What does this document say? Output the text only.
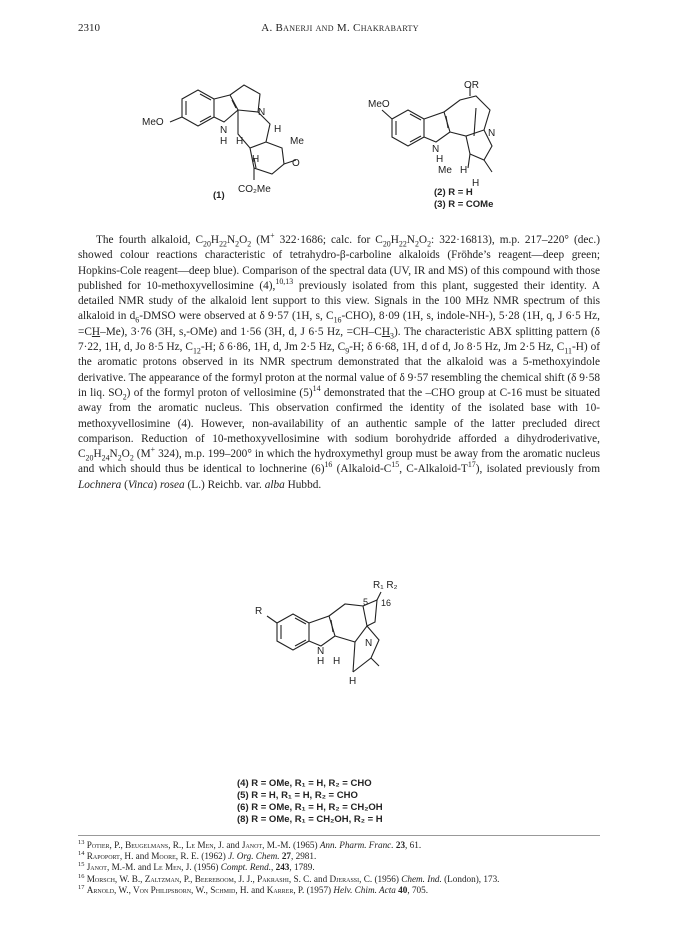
2310	A. Banerji and M. Chakrabarty
MeO
N
H H
N
H
Me
H	O
CO₂Me
(1)
OR
MeO
N
H
N
Me H
H
(2) R = H
(3) R = COMe

The fourth alkaloid, $C_{20}H_{22}N_2O_2$ (M+ 322·1686; calc. for $C_{20}H_{22}N_2O_2$: 322·16813), m.p. 217–220° (dec.) showed colour reactions characteristic of tetrahydro-β-carboline alkaloids (Fröhde’s reagent—deep green; Hopkins-Cole reagent—deep blue). Comparison of the spectral data (UV, IR and MS) of this compound with those published for 10-methoxyvellosimine (4),$^{10,13}$ previously isolated from this plant, suggested their identity. A detailed NMR study of the alkaloid lent support to this view. Signals in the 100 MHz NMR spectrum of this alkaloid in $d_6$-DMSO were observed at δ 9·57 (1H, s, $C_{16}-CHO$), 8·09 (1H, s, indole-NH-), 5·28 (1H, q, J 6·5 Hz, =CH–Me), 3·76 (3H, s,-OMe) and 1·56 (3H, d, J 6·5 Hz, $=CH-CH_3$). The characteristic ABX splitting pattern (δ 7·22, 1H, d, Jo 8·5 Hz, $C_{12}-H$; δ 6·86, 1H, d, Jm 2·5 Hz, $C_9-H$; δ 6·68, 1H, d of d, Jo 8·5 Hz, Jm 2·5 Hz, $C_{11}-H$) of the aromatic protons observed in its NMR spectrum demonstrated that the alkaloid was a 5-methoxyindole derivative. The appearance of the formyl proton at the normal value of δ 9·57 resembling the chemical shift (δ 9·58 in liq. $SO_2$) of the formyl proton of vellosimine $(5)^{14}$ demonstrated that the –CHO group at C-16 must be situated away from the aromatic nucleus. This observation confirmed the identity of the isolated base with 10-methoxyvellosimine (4). However, non-availability of an authentic sample of the latter precluded direct comparison. Reduction of 10-methoxyvellosimine with sodium borohydride afforded a dihydroderivative, $C_{20}H_{24}N_2O_2$ (M+ 324), m.p. 199–200° in which the hydroxymethyl group must be away from the aromatic nucleus and which should thus be identical to lochnerine $(6)^{16}$ ($Alkaloid-C^{15}$, $C-Alkaloid-T^{17}$), isolated previously from Lochnera (Vinca) rosea (L.) Reichb. var. alba Hubbd.

R₁ R₂
R
5 16
N
H H
N
H
(4) R = OMe, R₁ = H, R₂ = CHO
(5) R = H, R₁ = H, R₂ = CHO
(6) R = OMe, R₁ = H, R₂ = CH₂OH
(8) R = OMe, R₁ = CH₂OH, R₂ = H
$^{13}$ Potier, P., Beugelmans, R., Le Men, J. and Janot, M.-M. (1965) Ann. Pharm. Franc. 23, 61.
$^{14}$ Rapoport, H. and Moore, R. E. (1962) J. Org. Chem. 27, 2981.
$^{15}$ Janot, M.-M. and Le Men, J. (1956) Compt. Rend., 243, 1789.
$^{16}$ Morsch, W. B., Zaltzman, P., Beereboom, J. J., Pakrashi, S. C. and Djerassi, C. (1956) Chem. Ind. (London), 173.
$^{17}$ Arnold, W., Von Philipsborn, W., Schmid, H. and Karrer, P. (1957) Helv. Chim. Acta 40, 705.
